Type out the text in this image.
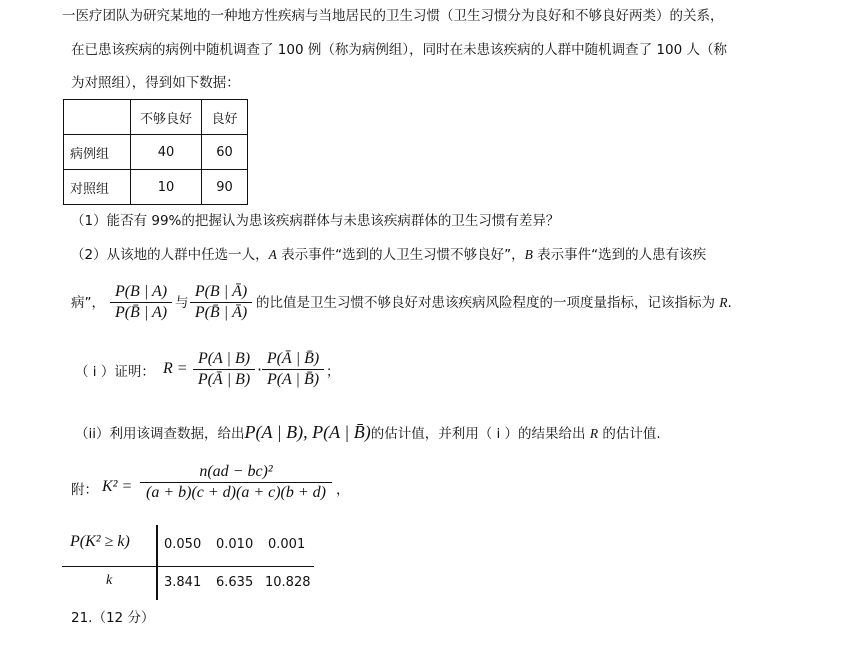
一医疗团队为研究某地的一种地方性疾病与当地居民的卫生习惯（卫生习惯分为良好和不够良好两类）的关系，
在已患该疾病的病例中随机调查了 100 例（称为病例组），同时在未患该疾病的人群中随机调查了 100 人（称
为对照组），得到如下数据：
	不够良好	良好
病例组	40	60
对照组	10	90
（1）能否有 99%的把握认为患该疾病群体与未患该疾病群体的卫生习惯有差异？
（2）从该地的人群中任选一人，A 表示事件“选到的人卫生习惯不够良好”，B 表示事件“选到的人患有该疾
病”，
P(B | A)
P(B̄ | A)
与
P(B | Ā)
P(B̄ | Ā)
的比值是卫生习惯不够良好对患该疾病风险程度的一项度量指标，记该指标为 R.
（ i ）证明： R =
P(A | B)
P(Ā | B)
·
P(Ā | B̄)
P(A | B̄) ；
（ii）利用该调查数据，给出P(A | B), P(A | B̄)的估计值，并利用（ i ）的结果给出 R 的估计值.
附： K² =
n(ad − bc)²
(a + b)(c + d)(a + c)(b + d) ，
P(K² ≥ k)	0.050 0.010 0.001
k	3.841 6.635 10.828
21.（12 分）
